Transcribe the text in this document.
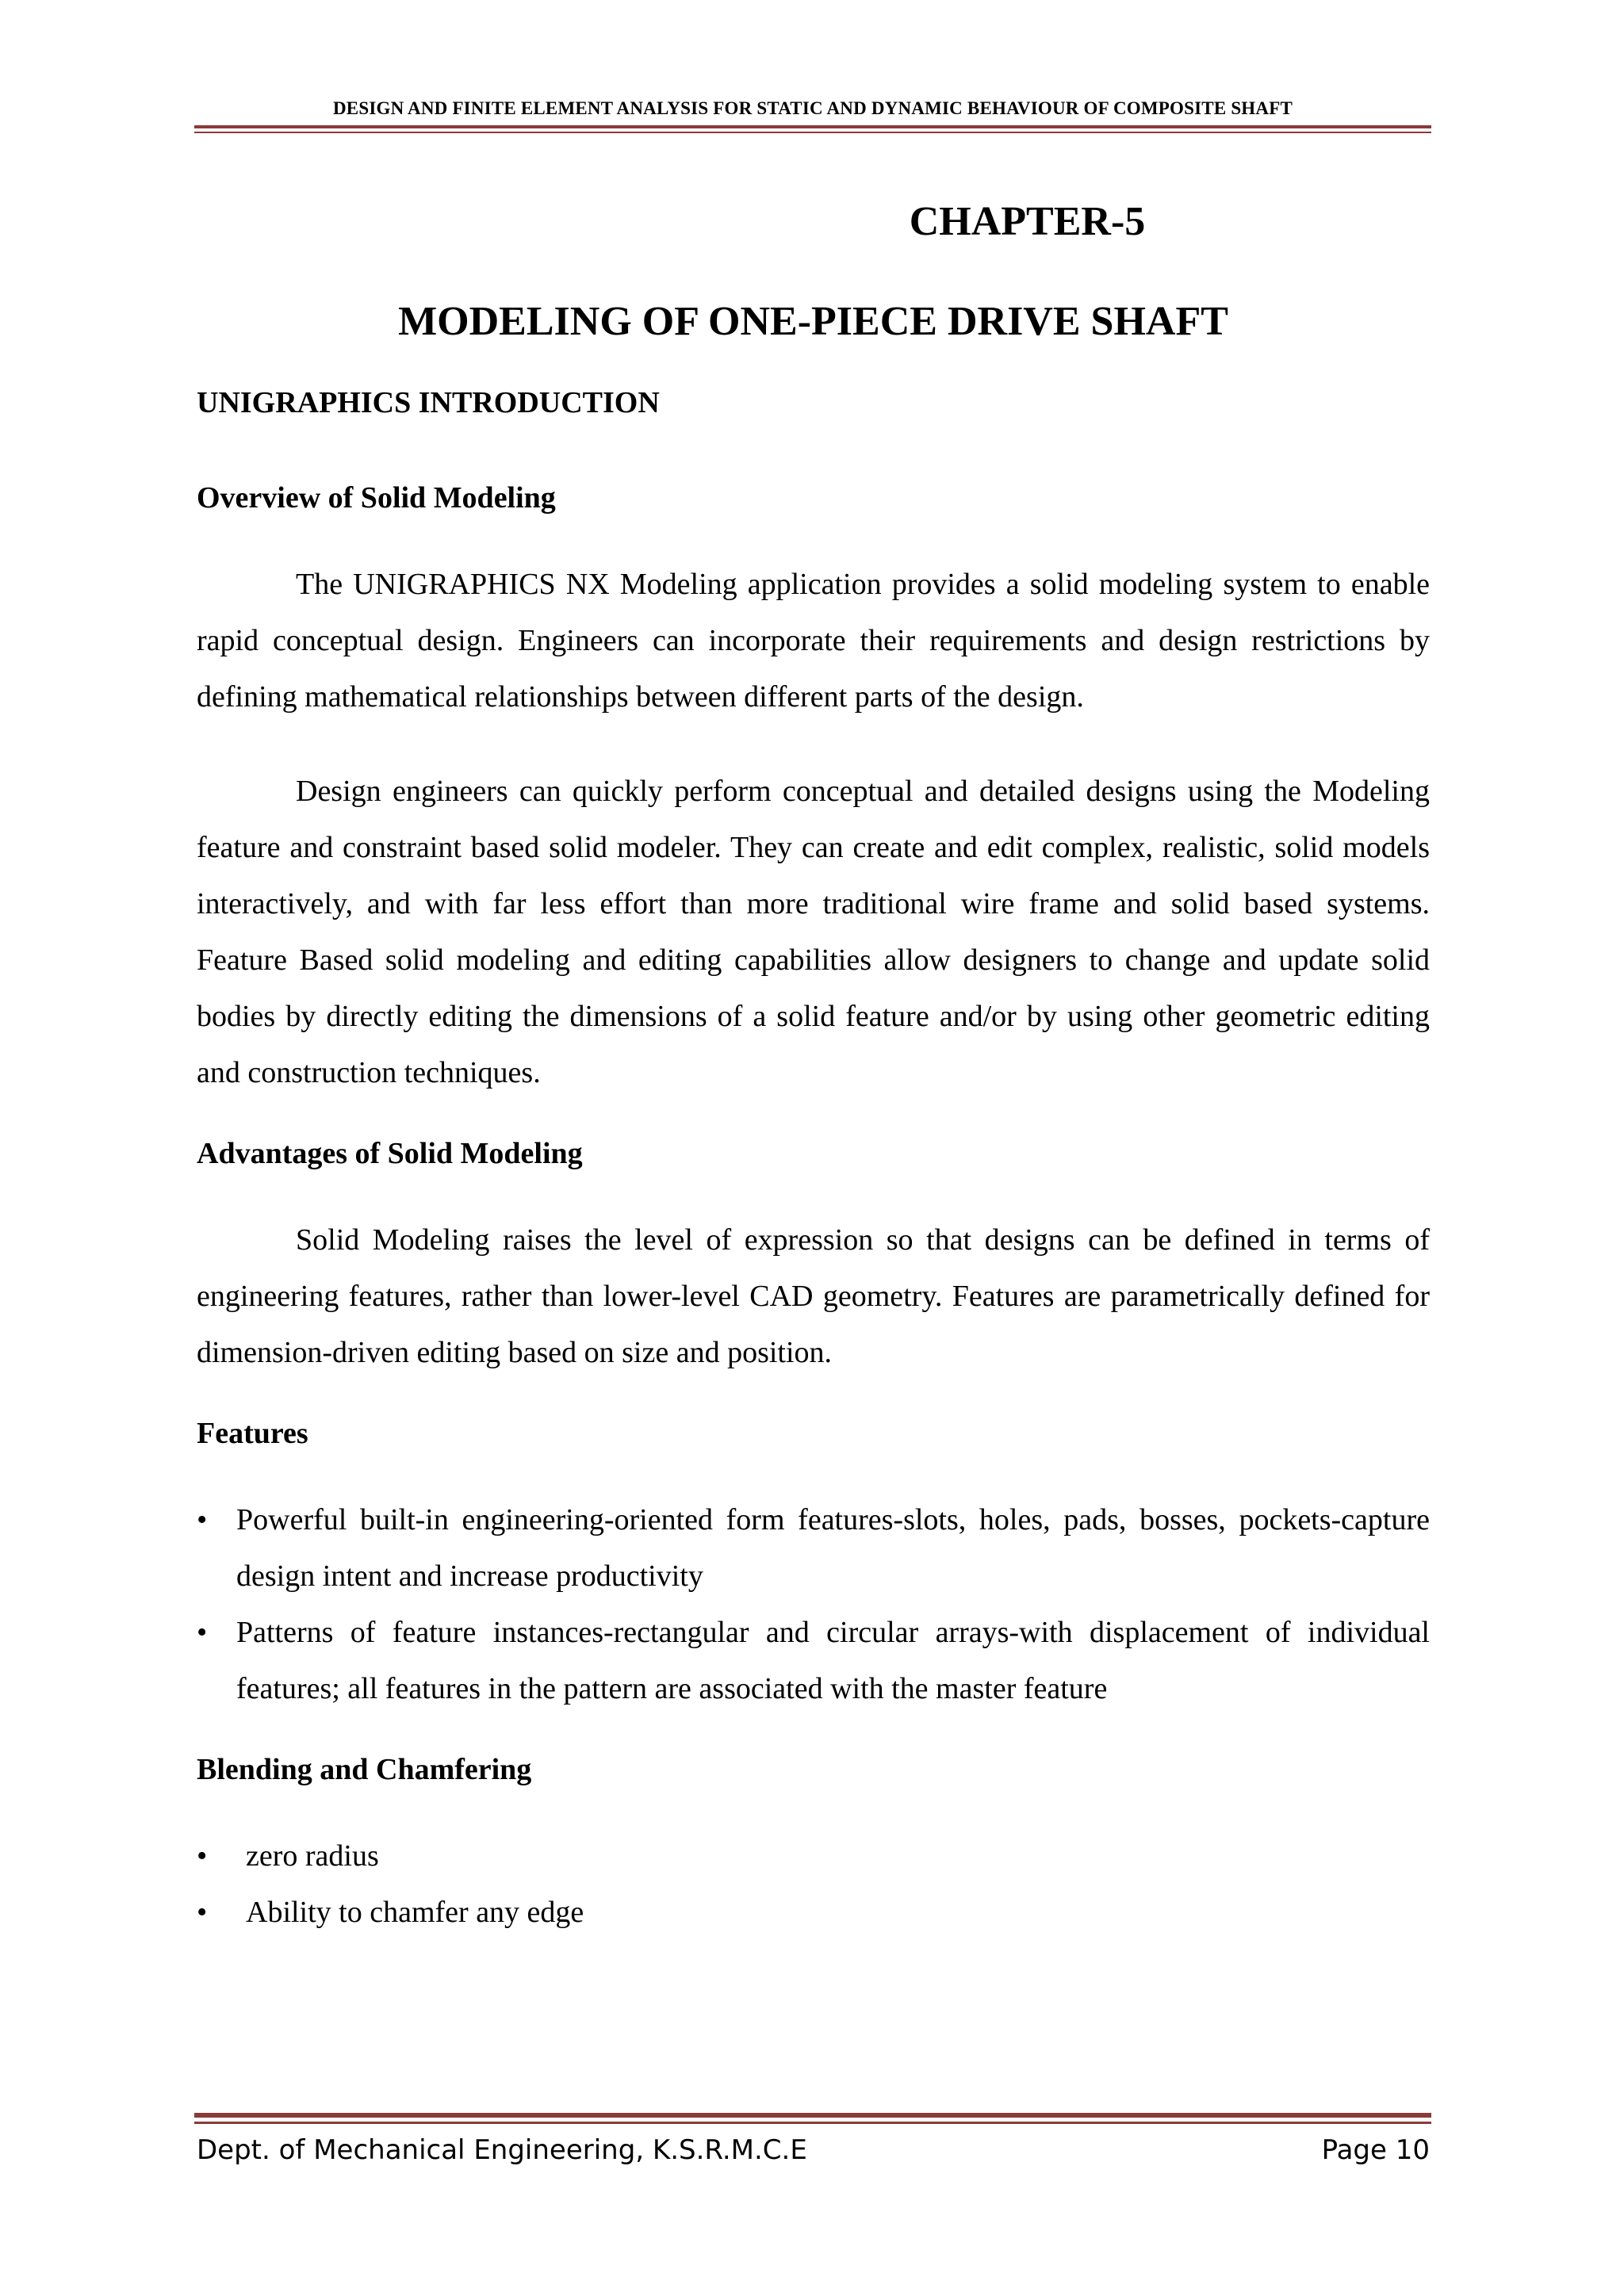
DESIGN AND FINITE ELEMENT ANALYSIS FOR STATIC AND DYNAMIC BEHAVIOUR OF COMPOSITE SHAFT
CHAPTER-5
MODELING OF ONE-PIECE DRIVE SHAFT
UNIGRAPHICS INTRODUCTION
Overview of Solid Modeling

The UNIGRAPHICS NX Modeling application provides a solid modeling system to enable rapid conceptual design. Engineers can incorporate their requirements and design restrictions by defining mathematical relationships between different parts of the design.

Design engineers can quickly perform conceptual and detailed designs using the Modeling feature and constraint based solid modeler. They can create and edit complex, realistic, solid models interactively, and with far less effort than more traditional wire frame and solid based systems. Feature Based solid modeling and editing capabilities allow designers to change and update solid bodies by directly editing the dimensions of a solid feature and/or by using other geometric editing and construction techniques.

Advantages of Solid Modeling

Solid Modeling raises the level of expression so that designs can be defined in terms of engineering features, rather than lower-level CAD geometry. Features are parametrically defined for dimension-driven editing based on size and position.

Features
• Powerful built-in engineering-oriented form features-slots, holes, pads, bosses, pockets-capture design intent and increase productivity
• Patterns of feature instances-rectangular and circular arrays-with displacement of individual features; all features in the pattern are associated with the master feature
Blending and Chamfering
• zero radius
• Ability to chamfer any edge
Dept. of Mechanical Engineering, K.S.R.M.C.E	Page 10
